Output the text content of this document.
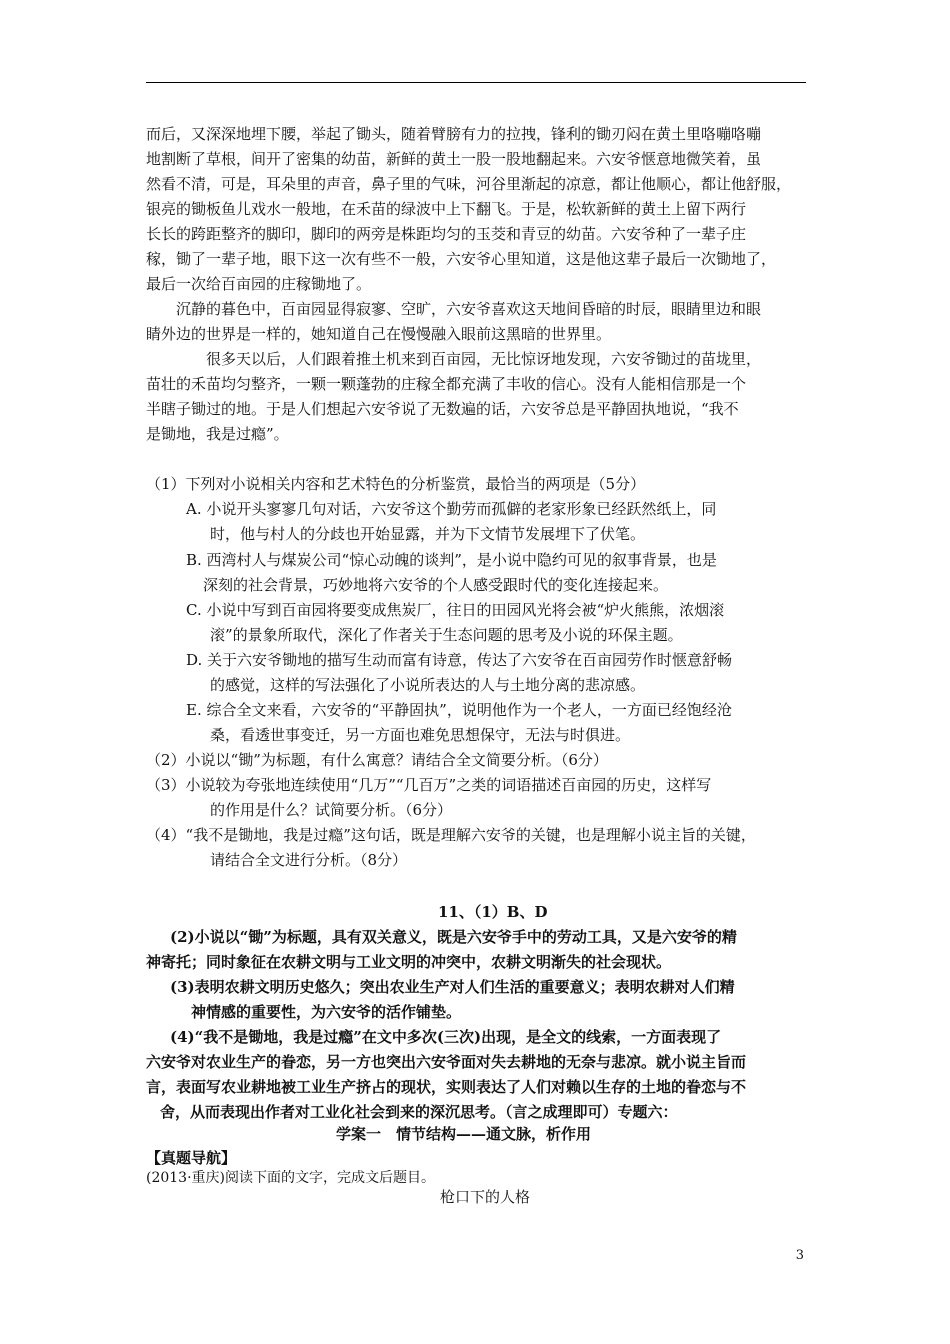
而后，又深深地埋下腰，举起了锄头，随着臂膀有力的拉拽，锋利的锄刃闷在黄土里咯嘣咯嘣

地割断了草根，间开了密集的幼苗，新鲜的黄土一股一股地翻起来。六安爷惬意地微笑着，虽

然看不清，可是，耳朵里的声音，鼻子里的气味，河谷里渐起的凉意，都让他顺心，都让他舒服，

银亮的锄板鱼儿戏水一般地，在禾苗的绿波中上下翻飞。于是，松软新鲜的黄土上留下两行

长长的跨距整齐的脚印，脚印的两旁是株距均匀的玉茭和青豆的幼苗。六安爷种了一辈子庄

稼，锄了一辈子地，眼下这一次有些不一般，六安爷心里知道，这是他这辈子最后一次锄地了，

最后一次给百亩园的庄稼锄地了。

　　沉静的暮色中，百亩园显得寂寥、空旷，六安爷喜欢这天地间昏暗的时辰，眼睛里边和眼

睛外边的世界是一样的，她知道自己在慢慢融入眼前这黑暗的世界里。

　　　　很多天以后，人们跟着推土机来到百亩园，无比惊讶地发现，六安爷锄过的苗垅里，

苗壮的禾苗均匀整齐，一颗一颗蓬勃的庄稼全都充满了丰收的信心。没有人能相信那是一个

半瞎子锄过的地。于是人们想起六安爷说了无数遍的话，六安爷总是平静固执地说，“我不

是锄地，我是过瘾”。

（1）下列对小说相关内容和艺术特色的分析鉴赏，最恰当的两项是（5分）
A. 小说开头寥寥几句对话，六安爷这个勤劳而孤僻的老家形象已经跃然纸上，同
时，他与村人的分歧也开始显露，并为下文情节发展埋下了伏笔。
B. 西湾村人与煤炭公司“惊心动魄的谈判”，是小说中隐约可见的叙事背景，也是
深刻的社会背景，巧妙地将六安爷的个人感受跟时代的变化连接起来。
C. 小说中写到百亩园将要变成焦炭厂，往日的田园风光将会被“炉火熊熊，浓烟滚
滚”的景象所取代，深化了作者关于生态问题的思考及小说的环保主题。
D. 关于六安爷锄地的描写生动而富有诗意，传达了六安爷在百亩园劳作时惬意舒畅
的感觉，这样的写法强化了小说所表达的人与土地分离的悲凉感。
E. 综合全文来看，六安爷的“平静固执”，说明他作为一个老人，一方面已经饱经沧
桑，看透世事变迁，另一方面也难免思想保守，无法与时俱进。
（2）小说以“锄”为标题，有什么寓意？请结合全文简要分析。（6分）
（3）小说较为夸张地连续使用“几万”“几百万”之类的词语描述百亩园的历史，这样写
的作用是什么？试简要分析。（6分）
（4）“我不是锄地，我是过瘾”这句话，既是理解六安爷的关键，也是理解小说主旨的关键，
请结合全文进行分析。（8分）
11、（1）B、D
(2)小说以“锄”为标题，具有双关意义，既是六安爷手中的劳动工具，又是六安爷的精
神寄托；同时象征在农耕文明与工业文明的冲突中，农耕文明渐失的社会现状。
(3)表明农耕文明历史悠久；突出农业生产对人们生活的重要意义；表明农耕对人们精
神情感的重要性，为六安爷的活作铺垫。
(4)“我不是锄地，我是过瘾”在文中多次(三次)出现，是全文的线索，一方面表现了
六安爷对农业生产的眷恋，另一方也突出六安爷面对失去耕地的无奈与悲凉。就小说主旨而
言，表面写农业耕地被工业生产挤占的现状，实则表达了人们对赖以生存的土地的眷恋与不
舍，从而表现出作者对工业化社会到来的深沉思考。（言之成理即可）专题六：
学案一　情节结构——通文脉，析作用
【真题导航】
(2013·重庆)阅读下面的文字，完成文后题目。
枪口下的人格
3
